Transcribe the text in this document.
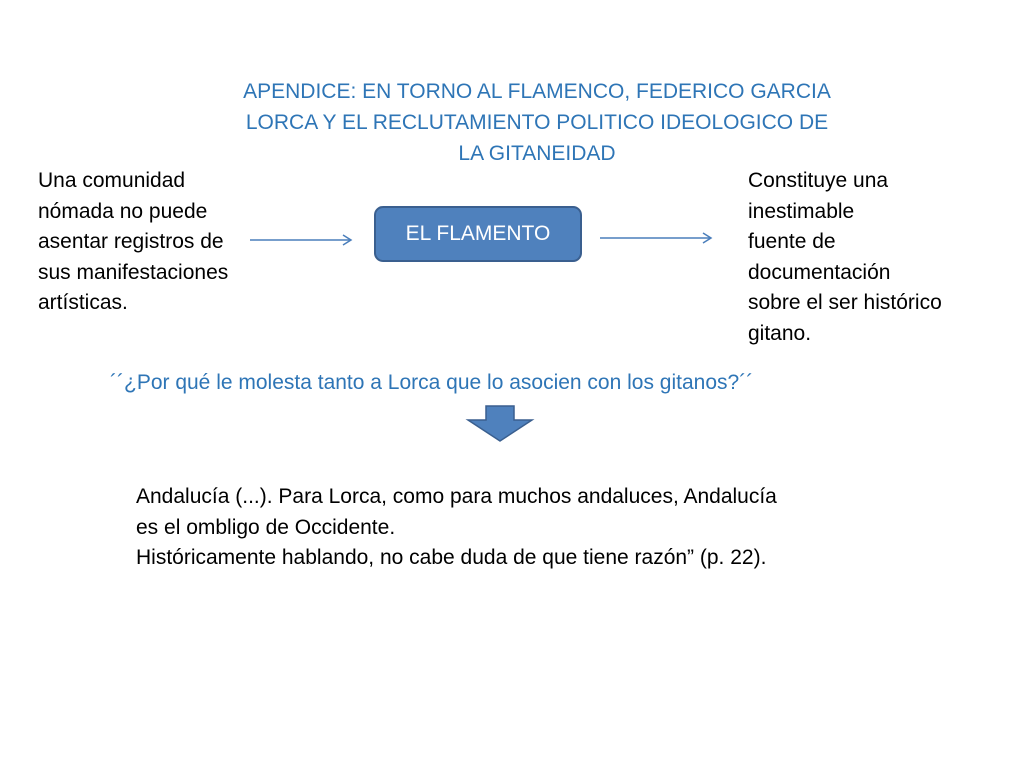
APENDICE: EN TORNO AL FLAMENCO, FEDERICO GARCIA
LORCA Y EL RECLUTAMIENTO POLITICO IDEOLOGICO DE
LA GITANEIDAD
Una comunidad
nómada no puede
asentar registros de
sus manifestaciones
artísticas.
EL FLAMENTO
Constituye una
inestimable
fuente de
documentación
sobre el ser histórico
gitano.
´´¿Por qué le molesta tanto a Lorca que lo asocien con los gitanos?´´
Andalucía (...). Para Lorca, como para muchos andaluces, Andalucía
es el ombligo de Occidente.
Históricamente hablando, no cabe duda de que tiene razón” (p. 22).
